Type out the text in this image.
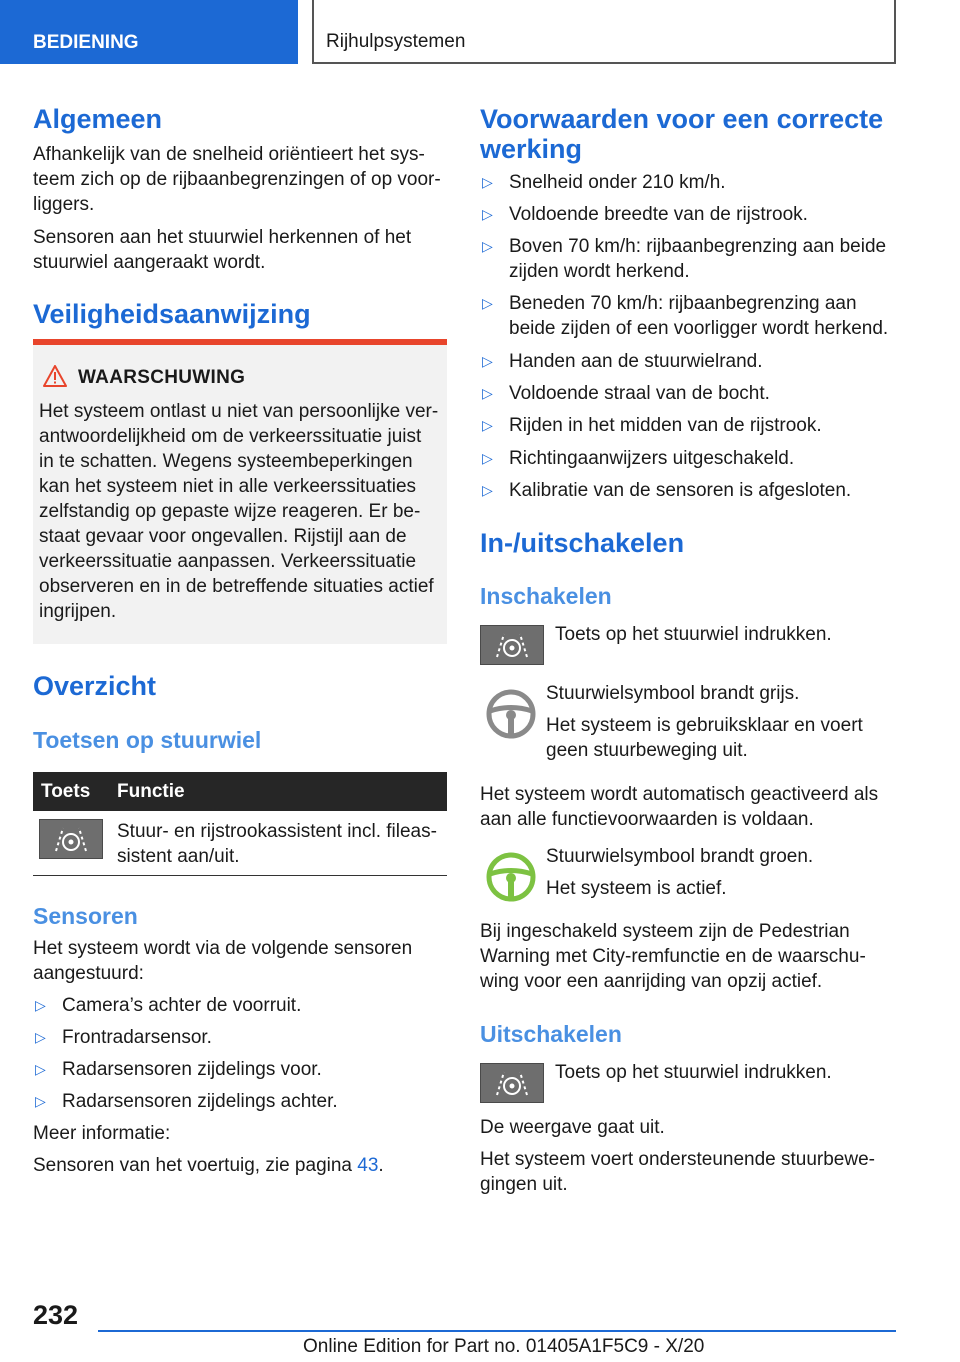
BEDIENING	Rijhulpsystemen
Algemeen
Afhankelijk van de snelheid oriëntieert het systeem zich op de rijbaanbegrenzingen of op voorliggers.
Sensoren aan het stuurwiel herkennen of het stuurwiel aangeraakt wordt.
Veiligheidsaanwijzing
WAARSCHUWING
Het systeem ontlast u niet van persoonlijke verantwoordelijkheid om de verkeerssituatie juist in te schatten. Wegens systeembeperkingen kan het systeem niet in alle verkeerssituaties zelfstandig op gepaste wijze reageren. Er bestaat gevaar voor ongevallen. Rijstijl aan de verkeerssituatie aanpassen. Verkeerssituatie observeren en in de betreffende situaties actief ingrijpen.
Overzicht
Toetsen op stuurwiel
Toets Functie
Stuur- en rijstrookassistent incl. fileassistent aan/uit.
Sensoren
Het systeem wordt via de volgende sensoren aangestuurd:
▷ Camera’s achter de voorruit.
▷ Frontradarsensor.
▷ Radarsensoren zijdelings voor.
▷ Radarsensoren zijdelings achter.
Meer informatie:
Sensoren van het voertuig, zie pagina 43.
Voorwaarden voor een correcte werking
▷ Snelheid onder 210 km/h.
▷ Voldoende breedte van de rijstrook.
▷ Boven 70 km/h: rijbaanbegrenzing aan beide zijden wordt herkend.
▷ Beneden 70 km/h: rijbaanbegrenzing aan beide zijden of een voorligger wordt herkend.
▷ Handen aan de stuurwielrand.
▷ Voldoende straal van de bocht.
▷ Rijden in het midden van de rijstrook.
▷ Richtingaanwijzers uitgeschakeld.
▷ Kalibratie van de sensoren is afgesloten.
In-/uitschakelen
Inschakelen
Toets op het stuurwiel indrukken.
Stuurwielsymbool brandt grijs.
Het systeem is gebruiksklaar en voert geen stuurbeweging uit.
Het systeem wordt automatisch geactiveerd als aan alle functievoorwaarden is voldaan.
Stuurwielsymbool brandt groen.
Het systeem is actief.
Bij ingeschakeld systeem zijn de Pedestrian Warning met City-remfunctie en de waarschuwing voor een aanrijding van opzij actief.
Uitschakelen
Toets op het stuurwiel indrukken.
De weergave gaat uit.
Het systeem voert ondersteunende stuurbewegingen uit.
232
Online Edition for Part no. 01405A1F5C9 - X/20
